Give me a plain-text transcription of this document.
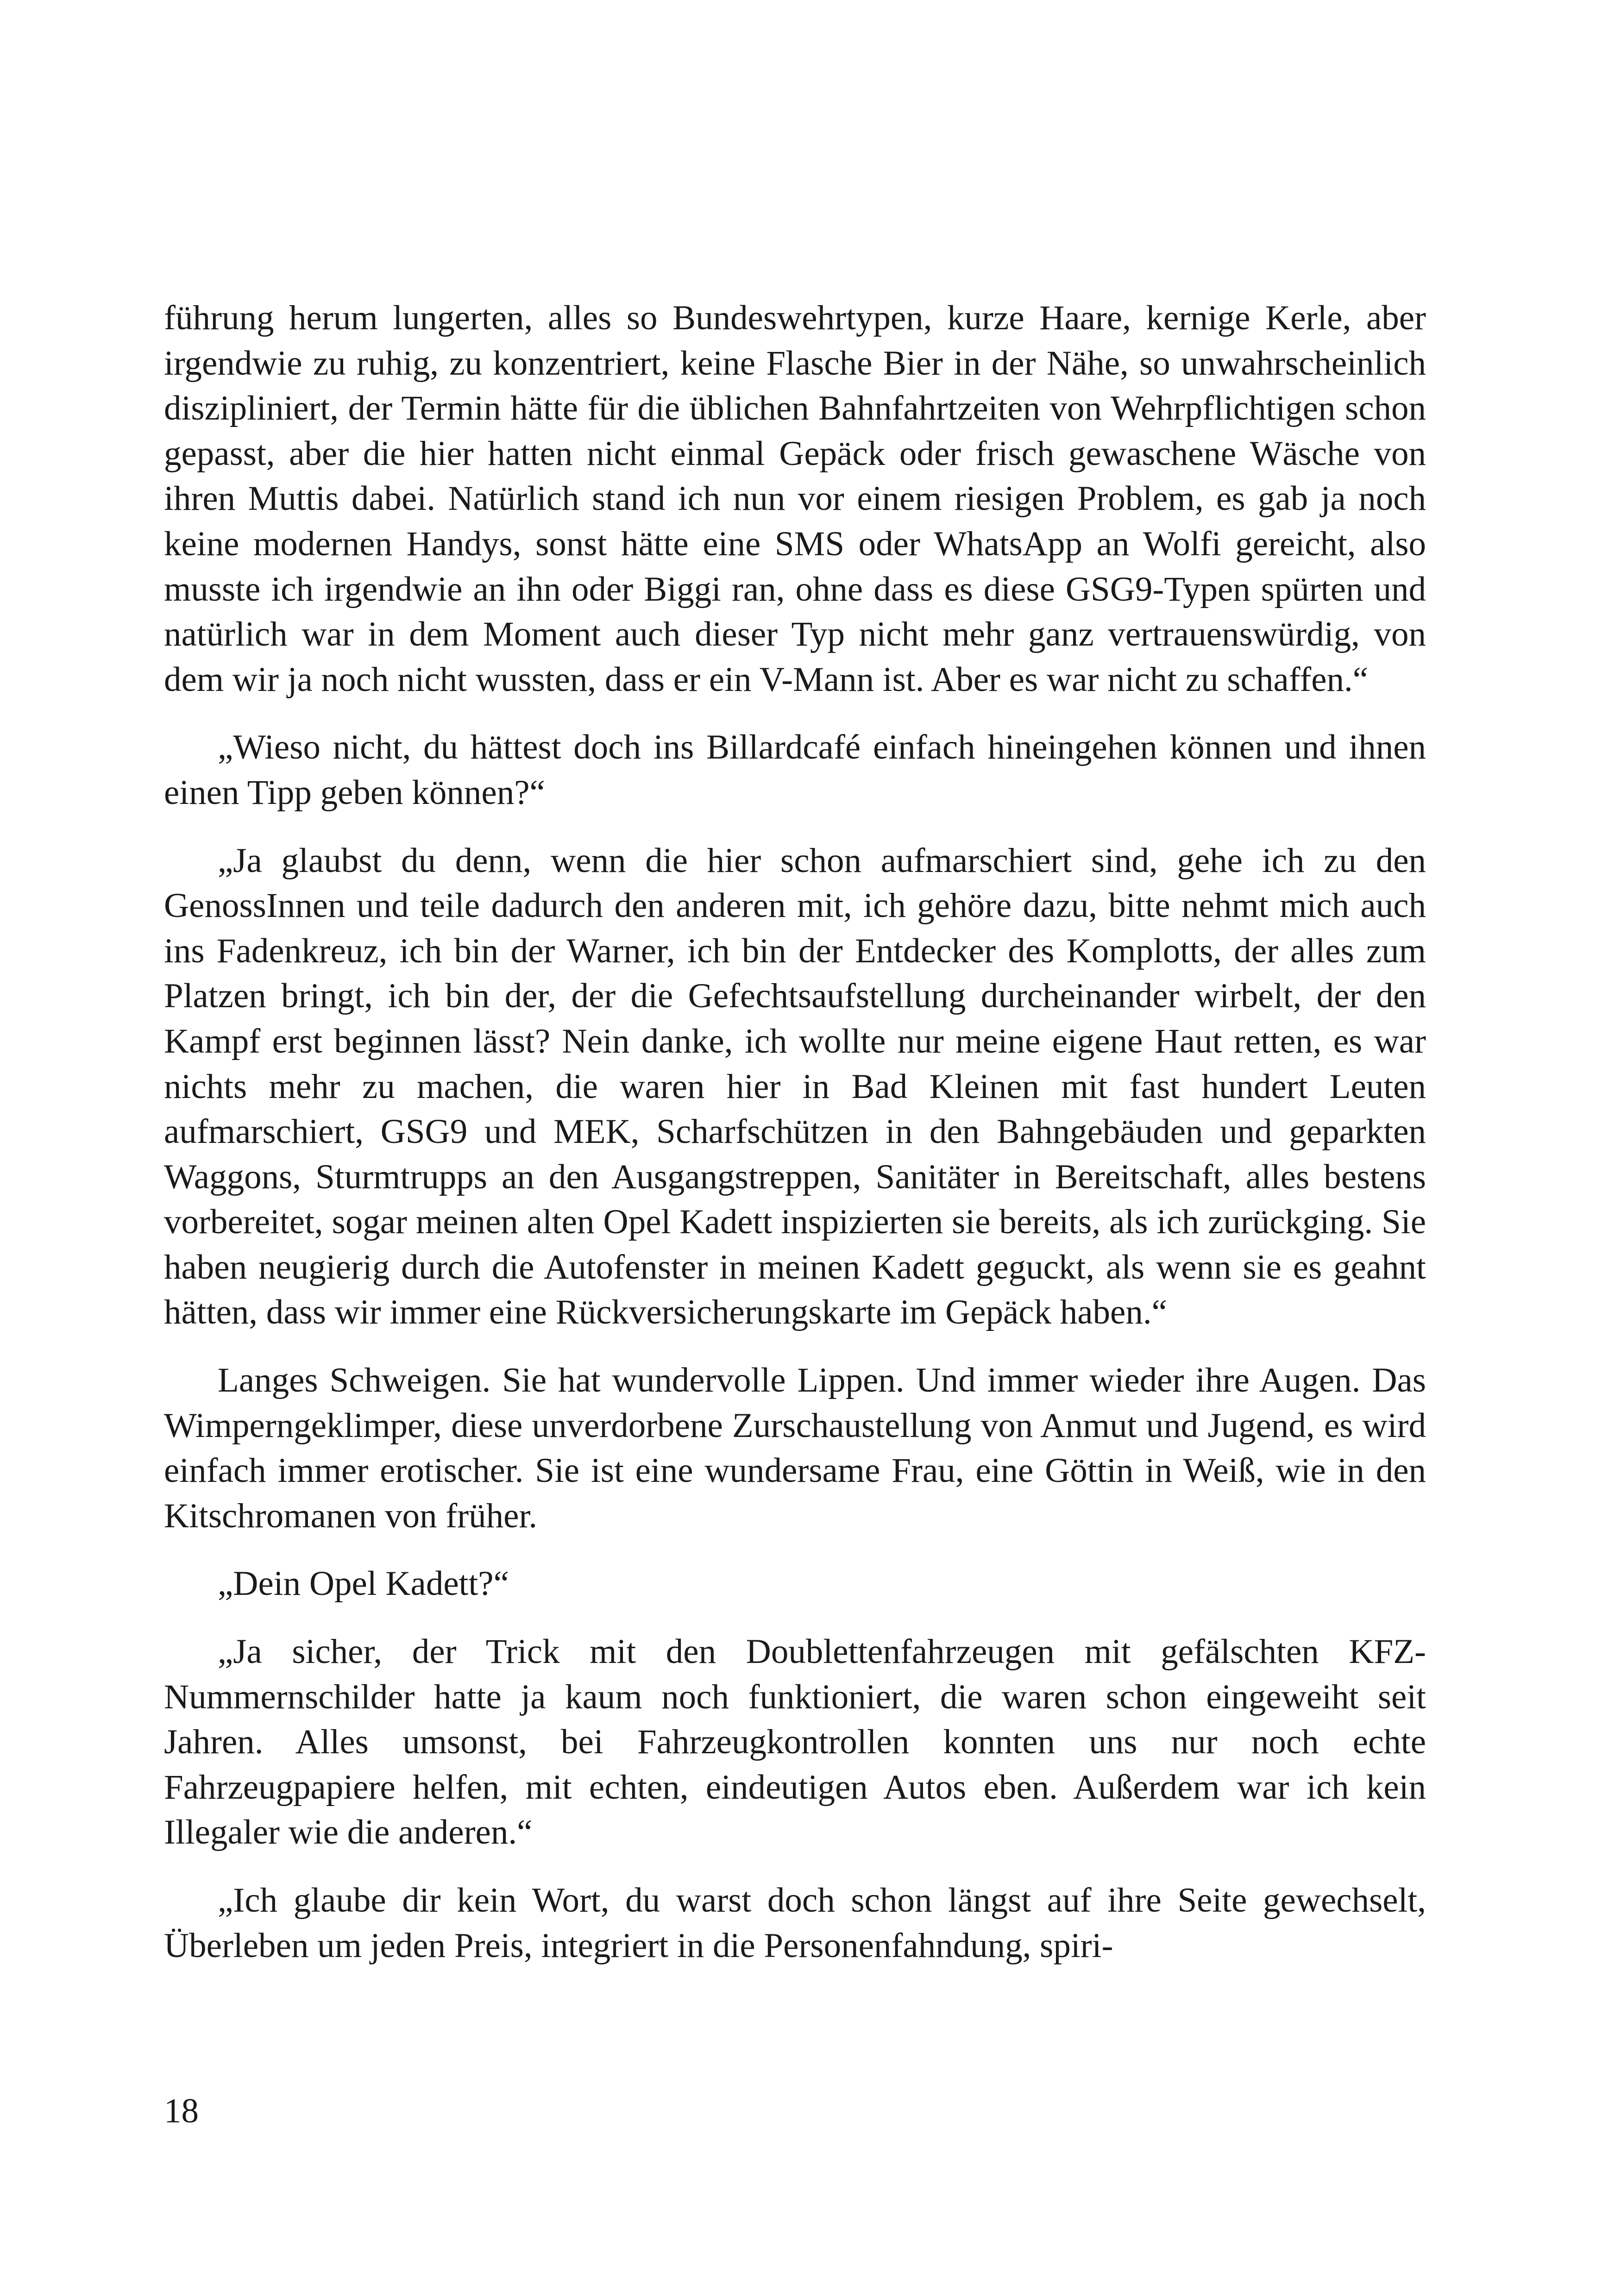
führung herum lungerten, alles so Bundeswehrtypen, kurze Haare, kernige Kerle, aber irgendwie zu ruhig, zu konzentriert, keine Flasche Bier in der Nähe, so unwahrscheinlich diszipliniert, der Termin hätte für die üblichen Bahnfahrtzeiten von Wehrpflichtigen schon gepasst, aber die hier hatten nicht einmal Gepäck oder frisch gewaschene Wäsche von ihren Muttis dabei. Natürlich stand ich nun vor einem riesigen Problem, es gab ja noch keine modernen Handys, sonst hätte eine SMS oder WhatsApp an Wolfi gereicht, also musste ich irgendwie an ihn oder Biggi ran, ohne dass es diese GSG9-Typen spürten und natürlich war in dem Moment auch dieser Typ nicht mehr ganz vertrauenswürdig, von dem wir ja noch nicht wussten, dass er ein V-Mann ist. Aber es war nicht zu schaffen.“

„Wieso nicht, du hättest doch ins Billardcafé einfach hineingehen können und ihnen einen Tipp geben können?“

„Ja glaubst du denn, wenn die hier schon aufmarschiert sind, gehe ich zu den GenossInnen und teile dadurch den anderen mit, ich gehöre dazu, bitte nehmt mich auch ins Fadenkreuz, ich bin der Warner, ich bin der Entdecker des Komplotts, der alles zum Platzen bringt, ich bin der, der die Gefechtsaufstellung durcheinander wirbelt, der den Kampf erst beginnen lässt? Nein danke, ich wollte nur meine eigene Haut retten, es war nichts mehr zu machen, die waren hier in Bad Kleinen mit fast hundert Leuten aufmarschiert, GSG9 und MEK, Scharfschützen in den Bahngebäuden und geparkten Waggons, Sturmtrupps an den Ausgangstreppen, Sanitäter in Bereitschaft, alles bestens vorbereitet, sogar meinen alten Opel Kadett inspizierten sie bereits, als ich zurückging. Sie haben neugierig durch die Autofenster in meinen Kadett geguckt, als wenn sie es geahnt hätten, dass wir immer eine Rückversicherungskarte im Gepäck haben.“

Langes Schweigen. Sie hat wundervolle Lippen. Und immer wieder ihre Augen. Das Wimperngeklimper, diese unverdorbene Zurschaustellung von Anmut und Jugend, es wird einfach immer erotischer. Sie ist eine wundersame Frau, eine Göttin in Weiß, wie in den Kitschromanen von früher.

„Dein Opel Kadett?“

„Ja sicher, der Trick mit den Doublettenfahrzeugen mit gefälschten KFZ-Nummernschilder hatte ja kaum noch funktioniert, die waren schon eingeweiht seit Jahren. Alles umsonst, bei Fahrzeugkontrollen konnten uns nur noch echte Fahrzeugpapiere helfen, mit echten, eindeutigen Autos eben. Außerdem war ich kein Illegaler wie die anderen.“

„Ich glaube dir kein Wort, du warst doch schon längst auf ihre Seite gewechselt, Überleben um jeden Preis, integriert in die Personenfahndung, spiri-

18
